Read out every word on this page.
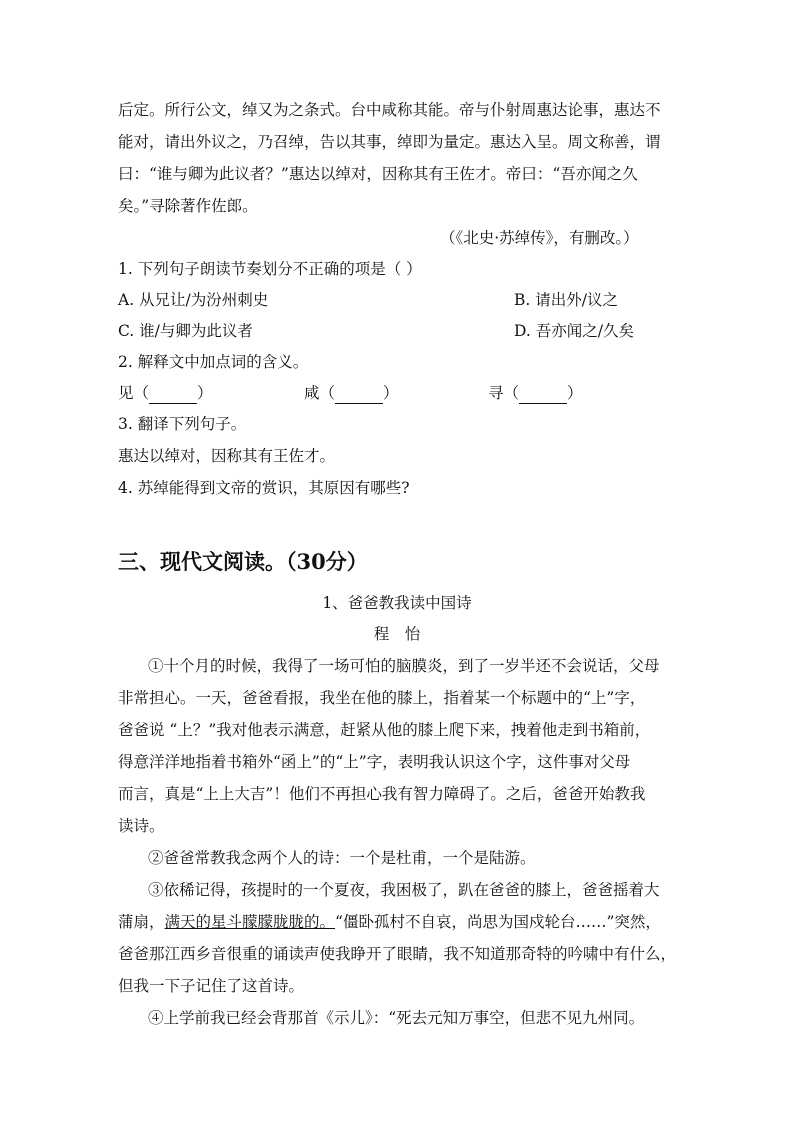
后定。所行公文，绰又为之条式。台中咸称其能。帝与仆射周惠达论事，惠达不
能对，请出外议之，乃召绰，告以其事，绰即为量定。惠达入呈。周文称善，谓
曰：“谁与卿为此议者？”惠达以绰对，因称其有王佐才。帝曰：“吾亦闻之久
矣。”寻除著作佐郎。
（《北史·苏绰传》，有删改。）
1. 下列句子朗读节奏划分不正确的项是（ ）
A. 从兄让/为汾州刺史	B. 请出外/议之
C. 谁/与卿为此议者	D. 吾亦闻之/久矣
2. 解释文中加点词的含义。
见（	）	咸（	）	寻（	）
3. 翻译下列句子。
惠达以绰对，因称其有王佐才。
4. 苏绰能得到文帝的赏识，其原因有哪些?
三、现代文阅读。（30分）
1、爸爸教我读中国诗
程　怡
①十个月的时候，我得了一场可怕的脑膜炎，到了一岁半还不会说话，父母
非常担心。一天，爸爸看报，我坐在他的膝上，指着某一个标题中的“上”字，
爸爸说 “上？”我对他表示满意，赶紧从他的膝上爬下来，拽着他走到书箱前，
得意洋洋地指着书箱外“函上”的“上”字，表明我认识这个字，这件事对父母
而言，真是“上上大吉”！他们不再担心我有智力障碍了。之后，爸爸开始教我
读诗。
②爸爸常教我念两个人的诗：一个是杜甫，一个是陆游。
③依稀记得，孩提时的一个夏夜，我困极了，趴在爸爸的膝上，爸爸摇着大
蒲扇，满天的星斗朦朦胧胧的。“僵卧孤村不自哀，尚思为国戍轮台……”突然，
爸爸那江西乡音很重的诵读声使我睁开了眼睛，我不知道那奇特的吟啸中有什么，
但我一下子记住了这首诗。
④上学前我已经会背那首《示儿》：“死去元知万事空，但悲不见九州同。
